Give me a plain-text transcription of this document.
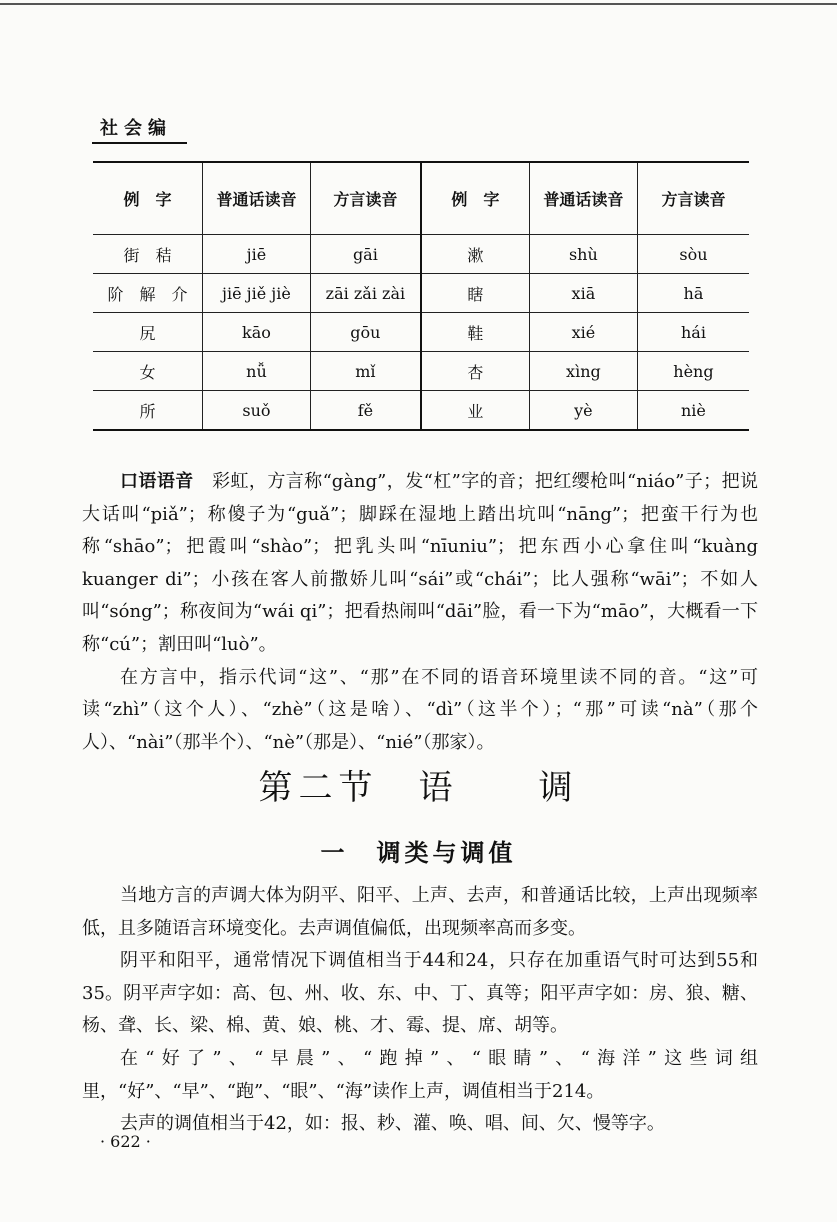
社会编
例　字	普通话读音	方言读音	例　字	普通话读音	方言读音
街　秸	jiē	gāi	漱	shù	sòu
阶　解　介	jiē jiě jiè	zāi zǎi zài	瞎	xiā	hā
尻	kāo	gōu	鞋	xié	hái
女	nǚ	mǐ	杏	xìng	hèng
所	suǒ	fě	业	yè	niè

口语语音　 彩虹，方言称“gàng”，发“杠”字的音；把红缨枪叫“niáo”子；把说大话叫“piǎ”；称傻子为“guǎ”；脚踩在湿地上踏出坑叫“nāng”；把蛮干行为也称“shāo”；把霞叫“shào”；把乳头叫“nīuniu”；把东西小心拿住叫“kuàng kuanger di”；小孩在客人前撒娇儿叫“sái”或“chái”；比人强称“wāi”；不如人叫“sóng”；称夜间为“wái qi”；把看热闹叫“dāi”脸，看一下为“māo”，大概看一下称“cú”；割田叫“luò”。

在方言中，指示代词“这”、“那”在不同的语音环境里读不同的音。“这”可读“zhì”（这个人）、“zhè”（这是啥）、“dì”（这半个）；“那”可读“nà”（那个人）、“nài”（那半个）、“nè”（那是）、“nié”（那家）。

第二节　语　　调
一　调类与调值

当地方言的声调大体为阴平、阳平、上声、去声，和普通话比较，上声出现频率低，且多随语言环境变化。去声调值偏低，出现频率高而多变。

阴平和阳平，通常情况下调值相当于44和24，只存在加重语气时可达到55和35。阴平声字如：高、包、州、收、东、中、丁、真等；阳平声字如：房、狼、糖、杨、聋、长、梁、棉、黄、娘、桃、才、霉、提、席、胡等。

在“好了”、“早晨”、“跑掉”、“眼睛”、“海洋”这些词组里，“好”、“早”、“跑”、“眼”、“海”读作上声，调值相当于214。

去声的调值相当于42，如：报、耖、灌、唤、唱、间、欠、慢等字。

· 622 ·
